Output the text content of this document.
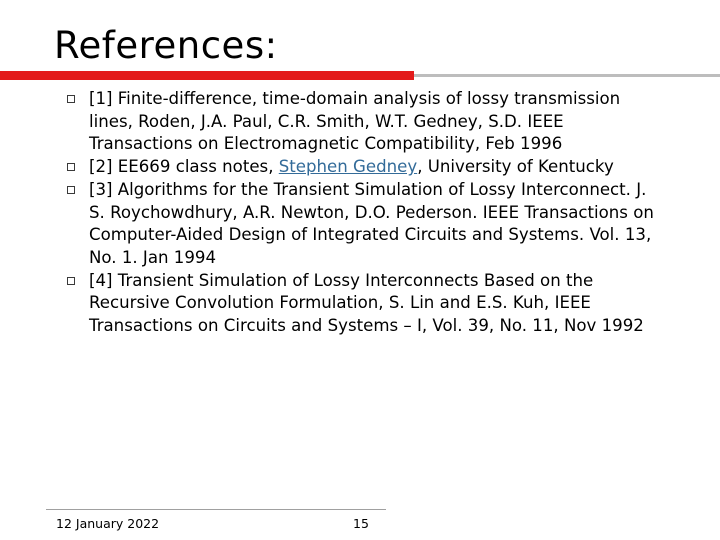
References:
[1] Finite-difference, time-domain analysis of lossy transmission lines, Roden, J.A. Paul, C.R. Smith, W.T. Gedney, S.D. IEEE Transactions on Electromagnetic Compatibility, Feb 1996
[2] EE669 class notes, Stephen Gedney, University of Kentucky
[3] Algorithms for the Transient Simulation of Lossy Interconnect. J. S. Roychowdhury, A.R. Newton, D.O. Pederson. IEEE Transactions on Computer-Aided Design of Integrated Circuits and Systems. Vol. 13, No. 1. Jan 1994
[4] Transient Simulation of Lossy Interconnects Based on the Recursive Convolution Formulation, S. Lin and E.S. Kuh, IEEE Transactions on Circuits and Systems – I, Vol. 39, No. 11, Nov 1992
12 January 2022	15
